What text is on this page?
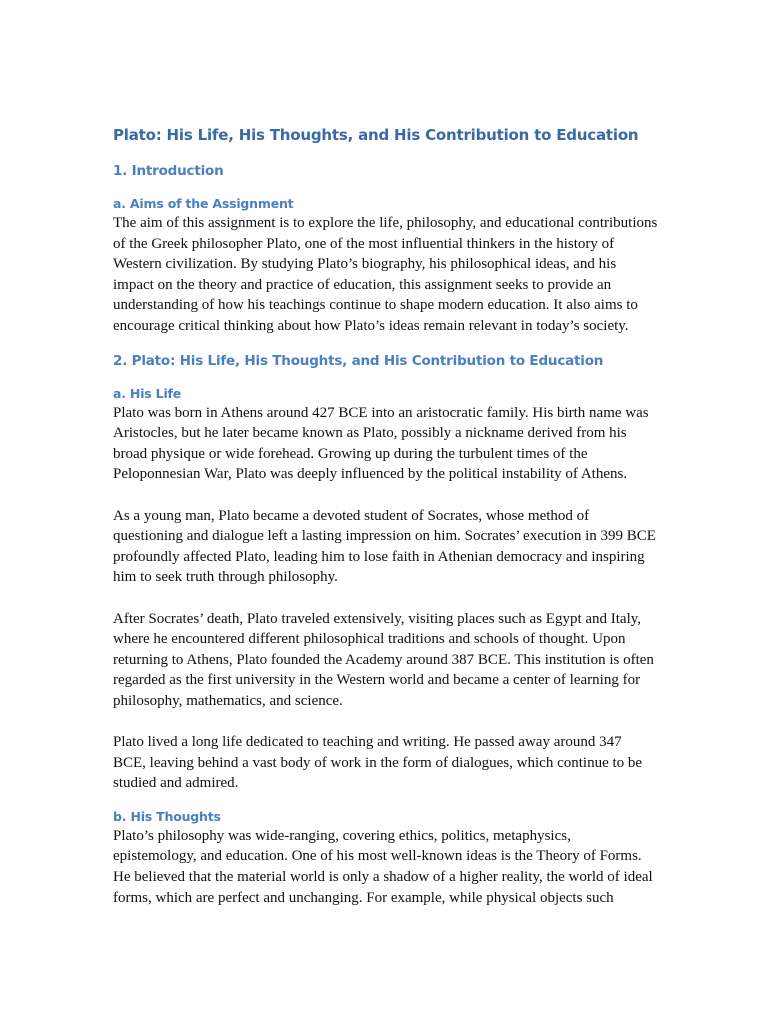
Plato: His Life, His Thoughts, and His Contribution to Education
1. Introduction
a. Aims of the Assignment

The aim of this assignment is to explore the life, philosophy, and educational contributions of the Greek philosopher Plato, one of the most influential thinkers in the history of Western civilization. By studying Plato’s biography, his philosophical ideas, and his impact on the theory and practice of education, this assignment seeks to provide an understanding of how his teachings continue to shape modern education. It also aims to encourage critical thinking about how Plato’s ideas remain relevant in today’s society.

2. Plato: His Life, His Thoughts, and His Contribution to Education
a. His Life

Plato was born in Athens around 427 BCE into an aristocratic family. His birth name was Aristocles, but he later became known as Plato, possibly a nickname derived from his broad physique or wide forehead. Growing up during the turbulent times of the Peloponnesian War, Plato was deeply influenced by the political instability of Athens.

As a young man, Plato became a devoted student of Socrates, whose method of questioning and dialogue left a lasting impression on him. Socrates’ execution in 399 BCE profoundly affected Plato, leading him to lose faith in Athenian democracy and inspiring him to seek truth through philosophy.

After Socrates’ death, Plato traveled extensively, visiting places such as Egypt and Italy, where he encountered different philosophical traditions and schools of thought. Upon returning to Athens, Plato founded the Academy around 387 BCE. This institution is often regarded as the first university in the Western world and became a center of learning for philosophy, mathematics, and science.

Plato lived a long life dedicated to teaching and writing. He passed away around 347 BCE, leaving behind a vast body of work in the form of dialogues, which continue to be studied and admired.

b. His Thoughts

Plato’s philosophy was wide-ranging, covering ethics, politics, metaphysics, epistemology, and education. One of his most well-known ideas is the Theory of Forms. He believed that the material world is only a shadow of a higher reality, the world of ideal forms, which are perfect and unchanging. For example, while physical objects such
